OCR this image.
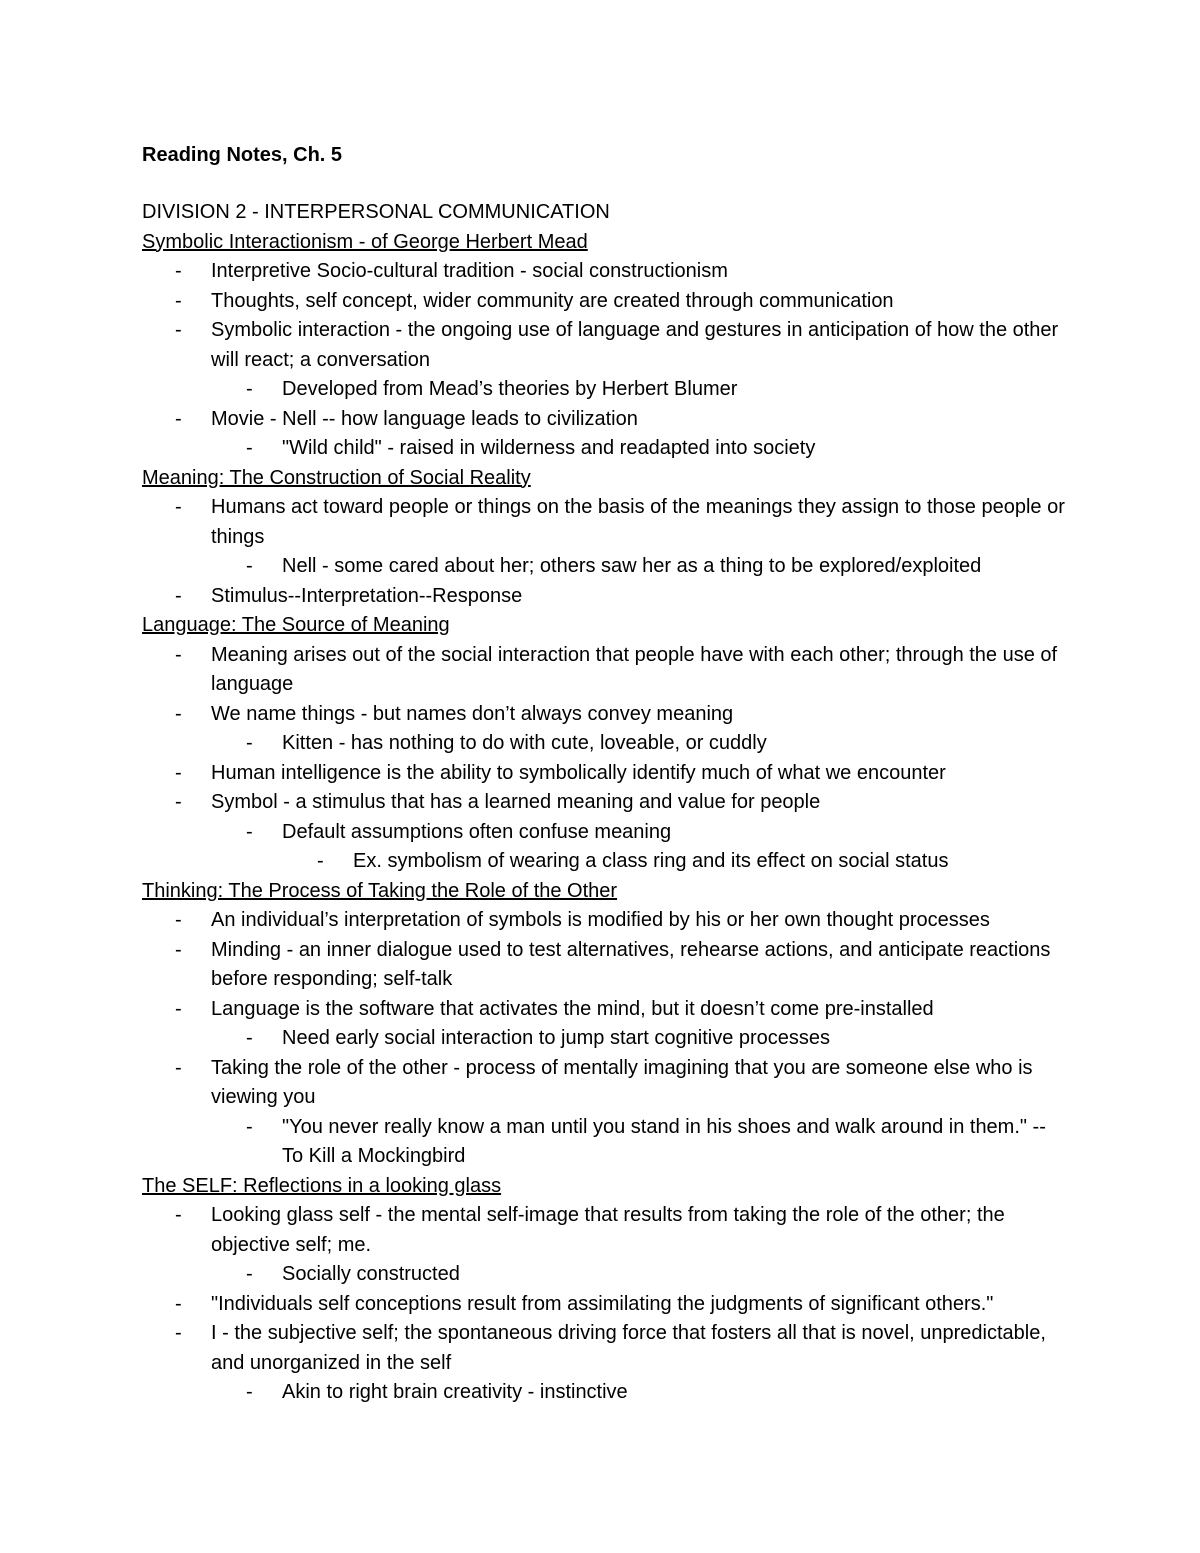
Reading Notes, Ch. 5

DIVISION 2 - INTERPERSONAL COMMUNICATION

Symbolic Interactionism - of George Herbert Mead

- Interpretive Socio-cultural tradition - social constructionism
- Thoughts, self concept, wider community are created through communication
- Symbolic interaction - the ongoing use of language and gestures in anticipation of how the other will react; a conversation
- Developed from Mead’s theories by Herbert Blumer
- Movie - Nell -- how language leads to civilization
- "Wild child" - raised in wilderness and readapted into society

Meaning: The Construction of Social Reality

- Humans act toward people or things on the basis of the meanings they assign to those people or things
- Nell - some cared about her; others saw her as a thing to be explored/exploited
- Stimulus--Interpretation--Response

Language: The Source of Meaning

- Meaning arises out of the social interaction that people have with each other; through the use of language
- We name things - but names don’t always convey meaning
- Kitten - has nothing to do with cute, loveable, or cuddly
- Human intelligence is the ability to symbolically identify much of what we encounter
- Symbol - a stimulus that has a learned meaning and value for people
- Default assumptions often confuse meaning
- Ex. symbolism of wearing a class ring and its effect on social status

Thinking: The Process of Taking the Role of the Other

- An individual’s interpretation of symbols is modified by his or her own thought processes
- Minding - an inner dialogue used to test alternatives, rehearse actions, and anticipate reactions before responding; self-talk
- Language is the software that activates the mind, but it doesn’t come pre-installed
- Need early social interaction to jump start cognitive processes
- Taking the role of the other - process of mentally imagining that you are someone else who is viewing you
- "You never really know a man until you stand in his shoes and walk around in them." -- To Kill a Mockingbird

The SELF: Reflections in a looking glass

- Looking glass self - the mental self-image that results from taking the role of the other; the objective self; me.
- Socially constructed
- "Individuals self conceptions result from assimilating the judgments of significant others."
- I - the subjective self; the spontaneous driving force that fosters all that is novel, unpredictable, and unorganized in the self
- Akin to right brain creativity - instinctive
